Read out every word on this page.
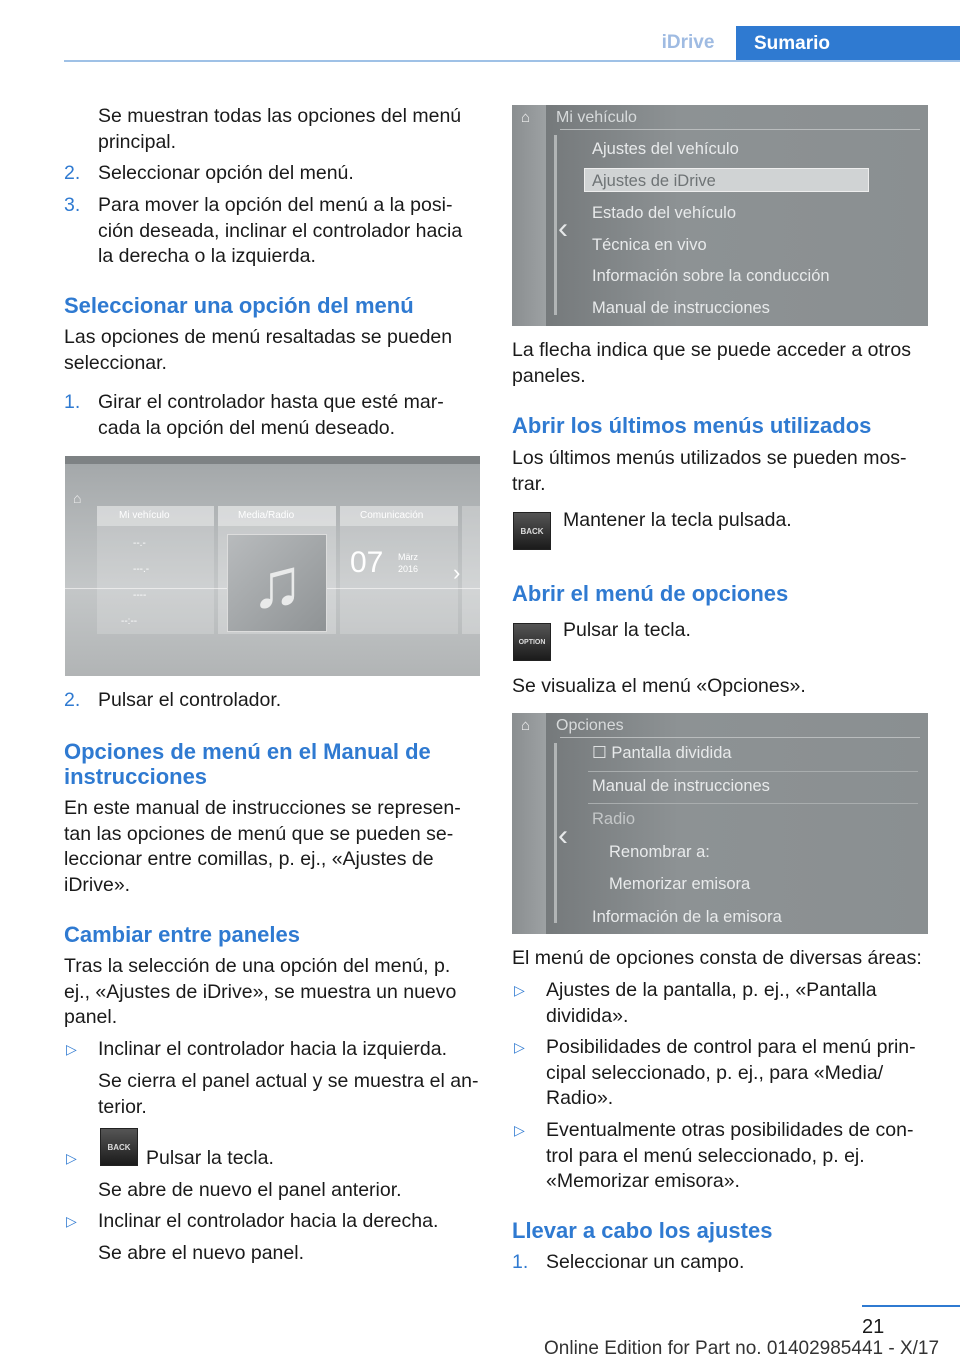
iDrive	Sumario
Se muestran todas las opciones del menú principal.
2. Seleccionar opción del menú.
3. Para mover la opción del menú a la posi- ción deseada, inclinar el controlador hacia la derecha o la izquierda.
Seleccionar una opción del menú
Las opciones de menú resaltadas se pueden seleccionar.
1. Girar el controlador hasta que esté mar- cada la opción del menú deseado.
⌂
Mi vehículo
--.-
---.-
----
--:--
Media/Radio
♫
Comunicación
07 März
2016 ›
2. Pulsar el controlador.
Opciones de menú en el Manual de instrucciones
En este manual de instrucciones se represen- tan las opciones de menú que se pueden se- leccionar entre comillas, p. ej., «Ajustes de iDrive».
Cambiar entre paneles
Tras la selección de una opción del menú, p. ej., «Ajustes de iDrive», se muestra un nuevo panel.
▷ Inclinar el controlador hacia la izquierda.
Se cierra el panel actual y se muestra el an- terior.
▷
BACK Pulsar la tecla.
Se abre de nuevo el panel anterior.
▷ Inclinar el controlador hacia la derecha.
Se abre el nuevo panel.
⌂
‹
Mi vehículo
Ajustes del vehículo
Ajustes de iDrive
Estado del vehículo
Técnica en vivo
Información sobre la conducción
Manual de instrucciones
La flecha indica que se puede acceder a otros paneles.
Abrir los últimos menús utilizados
Los últimos menús utilizados se pueden mos- trar.
BACK
Mantener la tecla pulsada.
Abrir el menú de opciones
OPTION
Pulsar la tecla.
Se visualiza el menú «Opciones».
⌂
‹
Opciones
☐ Pantalla dividida
Manual de instrucciones
Radio
Renombrar a:
Memorizar emisora
Información de la emisora
El menú de opciones consta de diversas áreas:
▷ Ajustes de la pantalla, p. ej., «Pantalla dividida».
▷ Posibilidades de control para el menú prin- cipal seleccionado, p. ej., para «Media/ Radio».
▷ Eventualmente otras posibilidades de con- trol para el menú seleccionado, p. ej. «Memorizar emisora».
Llevar a cabo los ajustes
1. Seleccionar un campo.
21
Online Edition for Part no. 01402985441 - X/17
